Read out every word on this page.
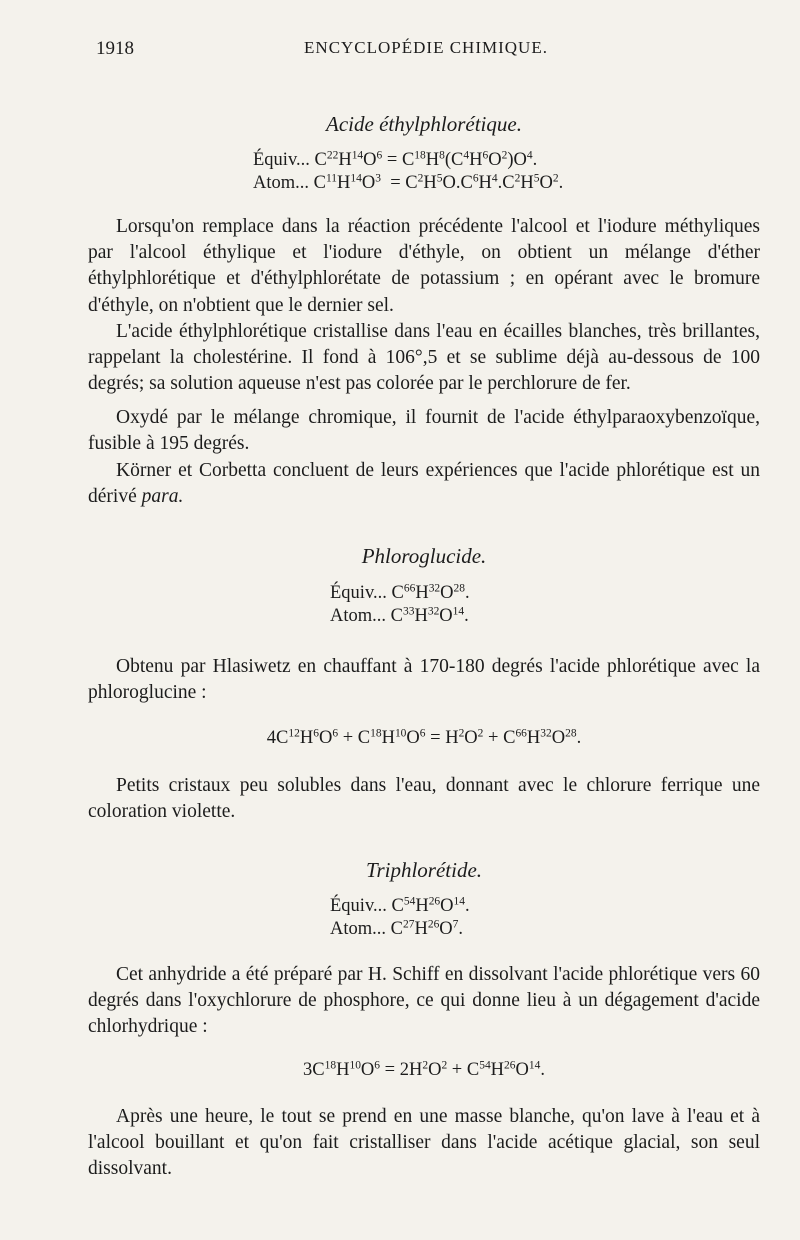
1918	ENCYCLOPÉDIE CHIMIQUE.
Acide éthylphlorétique.
Équiv... $C^{22}H^{14}O^6 = C^{18}H^8(C^4H^6O^2)O^4$.
Atom... $C^{11}H^{14}O^3 = C^2H^5O.C^6H^4.C^2H^5O^2$.

Lorsqu'on remplace dans la réaction précédente l'alcool et l'iodure méthyliques par l'alcool éthylique et l'iodure d'éthyle, on obtient un mélange d'éther éthylphlorétique et d'éthylphlorétate de potassium ; en opérant avec le bromure d'éthyle, on n'obtient que le dernier sel.

L'acide éthylphlorétique cristallise dans l'eau en écailles blanches, très brillantes, rappelant la cholestérine. Il fond à 106°,5 et se sublime déjà au-dessous de 100 degrés; sa solution aqueuse n'est pas colorée par le perchlorure de fer.

Oxydé par le mélange chromique, il fournit de l'acide éthylparaoxybenzoïque, fusible à 195 degrés.

Körner et Corbetta concluent de leurs expériences que l'acide phlorétique est un dérivé para.

Phloroglucide.
Équiv... $C^{66}H^{32}O^{28}$.
Atom... $C^{33}H^{32}O^{14}$.

Obtenu par Hlasiwetz en chauffant à 170-180 degrés l'acide phlorétique avec la phloroglucine :

$4C^{12}H^6O^6 + C^{18}H^{10}O^6 = H^2O^2 + C^{66}H^{32}O^{28}$.

Petits cristaux peu solubles dans l'eau, donnant avec le chlorure ferrique une coloration violette.

Triphlorétide.
Équiv... $C^{54}H^{26}O^{14}$.
Atom... $C^{27}H^{26}O^7$.

Cet anhydride a été préparé par H. Schiff en dissolvant l'acide phlorétique vers 60 degrés dans l'oxychlorure de phosphore, ce qui donne lieu à un dégagement d'acide chlorhydrique :

$3C^{18}H^{10}O^6 = 2H^2O^2 + C^{54}H^{26}O^{14}$.

Après une heure, le tout se prend en une masse blanche, qu'on lave à l'eau et à l'alcool bouillant et qu'on fait cristalliser dans l'acide acétique glacial, son seul dissolvant.
